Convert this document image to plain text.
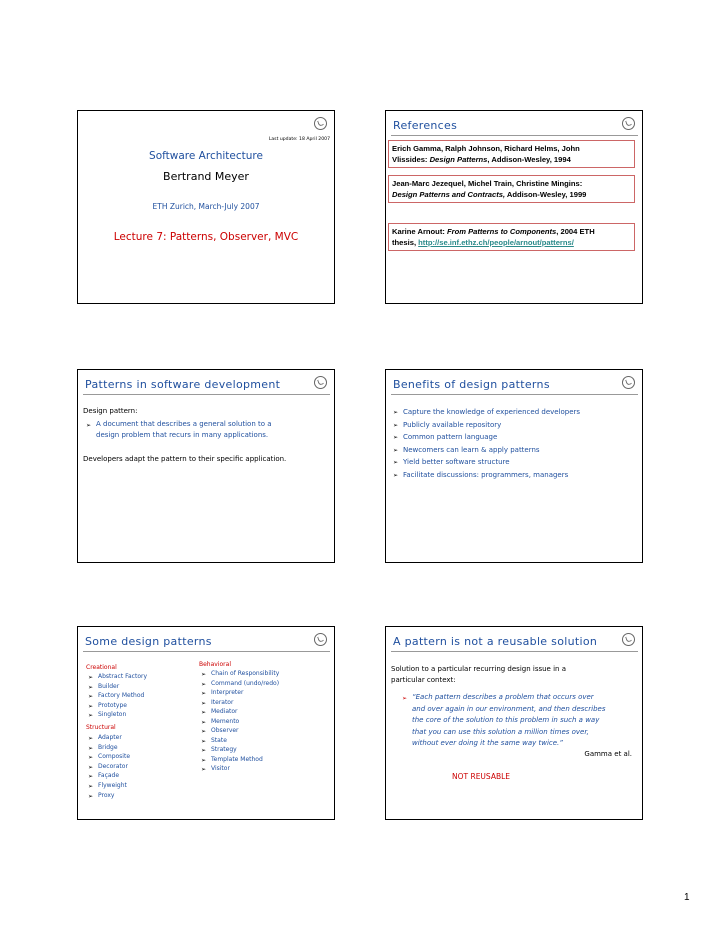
Last update: 18 April 2007
Software Architecture
Bertrand Meyer
ETH Zurich, March-July 2007
Lecture 7: Patterns, Observer, MVC
References
Erich Gamma, Ralph Johnson, Richard Helms, John
Vlissides: Design Patterns, Addison-Wesley, 1994
Jean-Marc Jezequel, Michel Train, Christine Mingins:
Design Patterns and Contracts, Addison-Wesley, 1999
Karine Arnout: From Patterns to Components, 2004 ETH
thesis, http://se.inf.ethz.ch/people/arnout/patterns/
Patterns in software development
Design pattern:
➢ A document that describes a general solution to a
design problem that recurs in many applications.
Developers adapt the pattern to their specific application.
Benefits of design patterns
➢ Capture the knowledge of experienced developers
➢ Publicly available repository
➢ Common pattern language
➢ Newcomers can learn & apply patterns
➢ Yield better software structure
➢ Facilitate discussions: programmers, managers
Some design patterns
Creational
➢ Abstract Factory
➢ Builder
➢ Factory Method
➢ Prototype
➢ Singleton
Structural
➢ Adapter
➢ Bridge
➢ Composite
➢ Decorator
➢ Façade
➢ Flyweight
➢ Proxy
Behavioral
➢ Chain of Responsibility
➢ Command (undo/redo)
➢ Interpreter
➢ Iterator
➢ Mediator
➢ Memento
➢ Observer
➢ State
➢ Strategy
➢ Template Method
➢ Visitor
A pattern is not a reusable solution
Solution to a particular recurring design issue in a
particular context:
➢ “Each pattern describes a problem that occurs over
and over again in our environment, and then describes
the core of the solution to this problem in such a way
that you can use this solution a million times over,
without ever doing it the same way twice.”
Gamma et al.
NOT REUSABLE
1
